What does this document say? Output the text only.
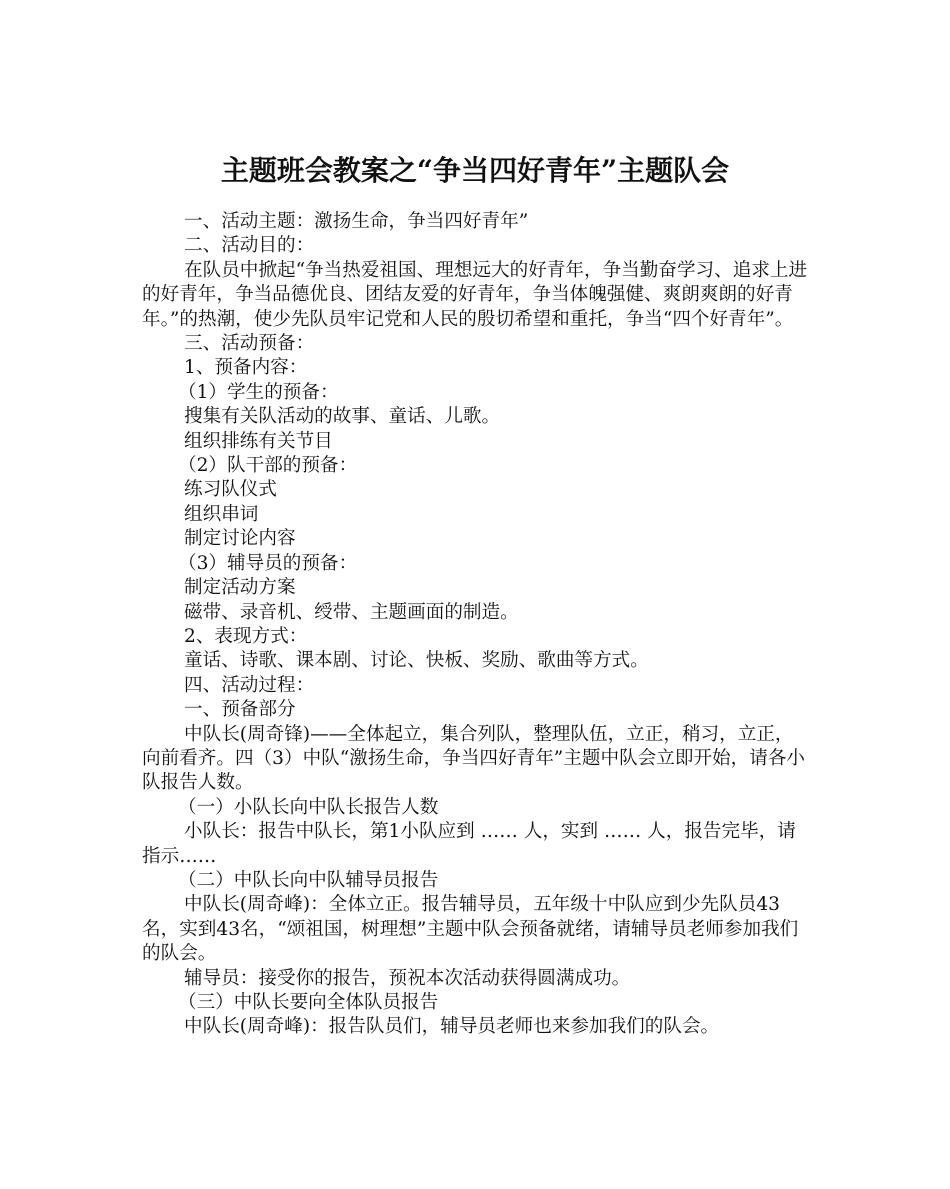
主题班会教案之“争当四好青年”主题队会

一、活动主题：激扬生命，争当四好青年”

二、活动目的：

在队员中掀起“争当热爱祖国、理想远大的好青年，争当勤奋学习、追求上进的好青年，争当品德优良、团结友爱的好青年，争当体魄强健、爽朗爽朗的好青年。”的热潮，使少先队员牢记党和人民的殷切希望和重托，争当“四个好青年”。

三、活动预备：

1、预备内容：

（1）学生的预备：

搜集有关队活动的故事、童话、儿歌。

组织排练有关节目

（2）队干部的预备：

练习队仪式

组织串词

制定讨论内容

（3）辅导员的预备：

制定活动方案

磁带、录音机、绶带、主题画面的制造。

2、表现方式：

童话、诗歌、课本剧、讨论、快板、奖励、歌曲等方式。

四、活动过程：

一、预备部分

中队长(周奇锋)——全体起立，集合列队，整理队伍，立正，稍习，立正，向前看齐。四（3）中队“激扬生命，争当四好青年”主题中队会立即开始，请各小队报告人数。

（一）小队长向中队长报告人数

小队长：报告中队长，第1小队应到 …… 人，实到 …… 人，报告完毕，请指示……

（二）中队长向中队辅导员报告

中队长(周奇峰)：全体立正。报告辅导员，五年级十中队应到少先队员43名，实到43名，“颂祖国，树理想”主题中队会预备就绪，请辅导员老师参加我们的队会。

辅导员：接受你的报告，预祝本次活动获得圆满成功。

（三）中队长要向全体队员报告

中队长(周奇峰)：报告队员们，辅导员老师也来参加我们的队会。
